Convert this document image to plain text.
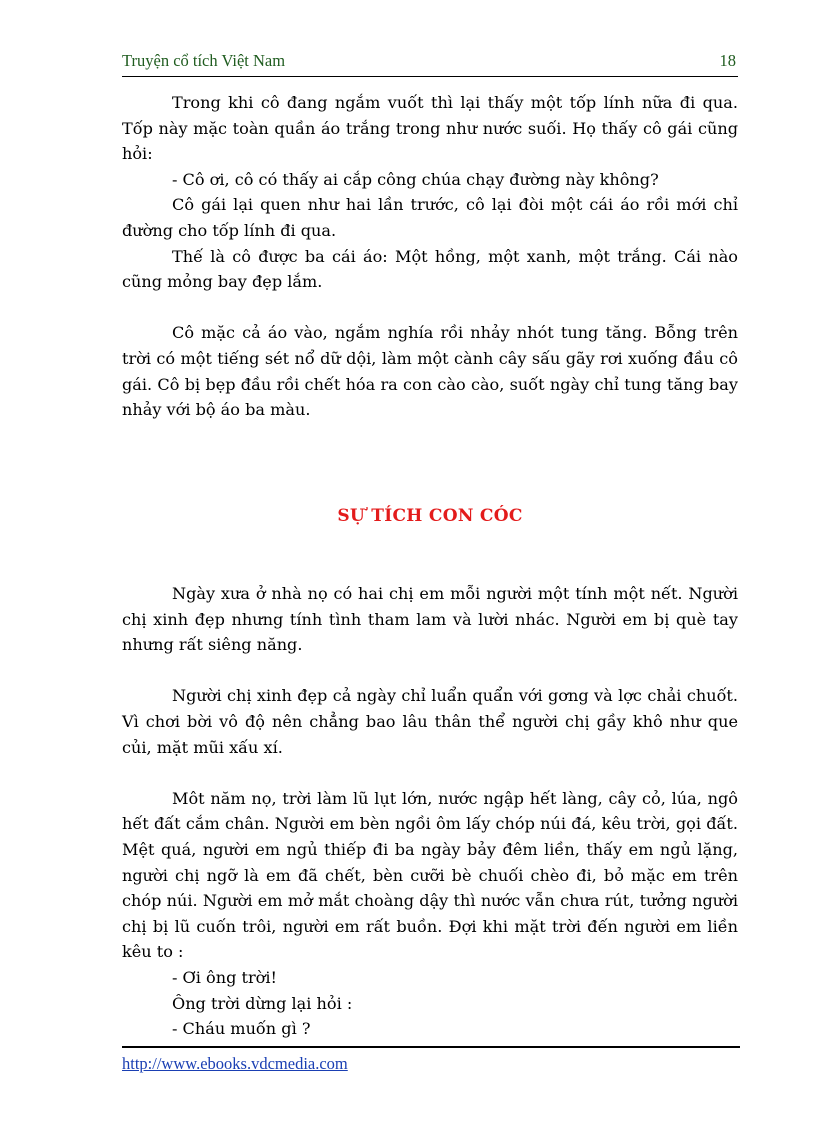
Truyện cổ tích Việt Nam	18

Trong khi cô đang ngắm vuốt thì lại thấy một tốp lính nữa đi qua. Tốp này mặc toàn quần áo trắng trong như nước suối. Họ thấy cô gái cũng hỏi:

- Cô ơi, cô có thấy ai cắp công chúa chạy đường này không?

Cô gái lại quen như hai lần trước, cô lại đòi một cái áo rồi mới chỉ đường cho tốp lính đi qua.

Thế là cô được ba cái áo: Một hồng, một xanh, một trắng. Cái nào cũng mỏng bay đẹp lắm.

Cô mặc cả áo vào, ngắm nghía rồi nhảy nhót tung tăng. Bỗng trên trời có một tiếng sét nổ dữ dội, làm một cành cây sấu gãy rơi xuống đầu cô gái. Cô bị bẹp đầu rồi chết hóa ra con cào cào, suốt ngày chỉ tung tăng bay nhảy với bộ áo ba màu.

SỰ TÍCH CON CÓC

Ngày xưa ở nhà nọ có hai chị em mỗi người một tính một nết. Người chị xinh đẹp nhưng tính tình tham lam và lười nhác. Người em bị què tay nhưng rất siêng năng.

Người chị xinh đẹp cả ngày chỉ luẩn quẩn với gơng và lợc chải chuốt. Vì chơi bời vô độ nên chẳng bao lâu thân thể người chị gầy khô như que củi, mặt mũi xấu xí.

Môt năm nọ, trời làm lũ lụt lớn, nước ngập hết làng, cây cỏ, lúa, ngô hết đất cắm chân. Người em bèn ngồi ôm lấy chóp núi đá, kêu trời, gọi đất. Mệt quá, người em ngủ thiếp đi ba ngày bảy đêm liền, thấy em ngủ lặng, người chị ngỡ là em đã chết, bèn cưỡi bè chuối chèo đi, bỏ mặc em trên chóp núi. Người em mở mắt choàng dậy thì nước vẫn chưa rút, tưởng người chị bị lũ cuốn trôi, người em rất buồn. Đợi khi mặt trời đến người em liền kêu to :

- Ơi ông trời!

Ông trời dừng lại hỏi :

- Cháu muốn gì ?

http://www.ebooks.vdcmedia.com
